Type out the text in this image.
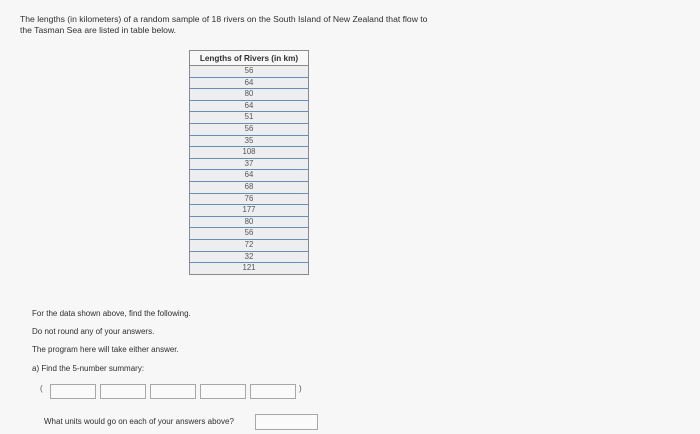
The lengths (in kilometers) of a random sample of 18 rivers on the South Island of New Zealand that flow to
the Tasman Sea are listed in table below.
Lengths of Rivers (in km)
56
64
80
64
51
56
35
108
37
64
68
76
177
80
56
72
32
121
For the data shown above, find the following.
Do not round any of your answers.
The program here will take either answer.
a) Find the 5-number summary:
(	)
What units would go on each of your answers above?
